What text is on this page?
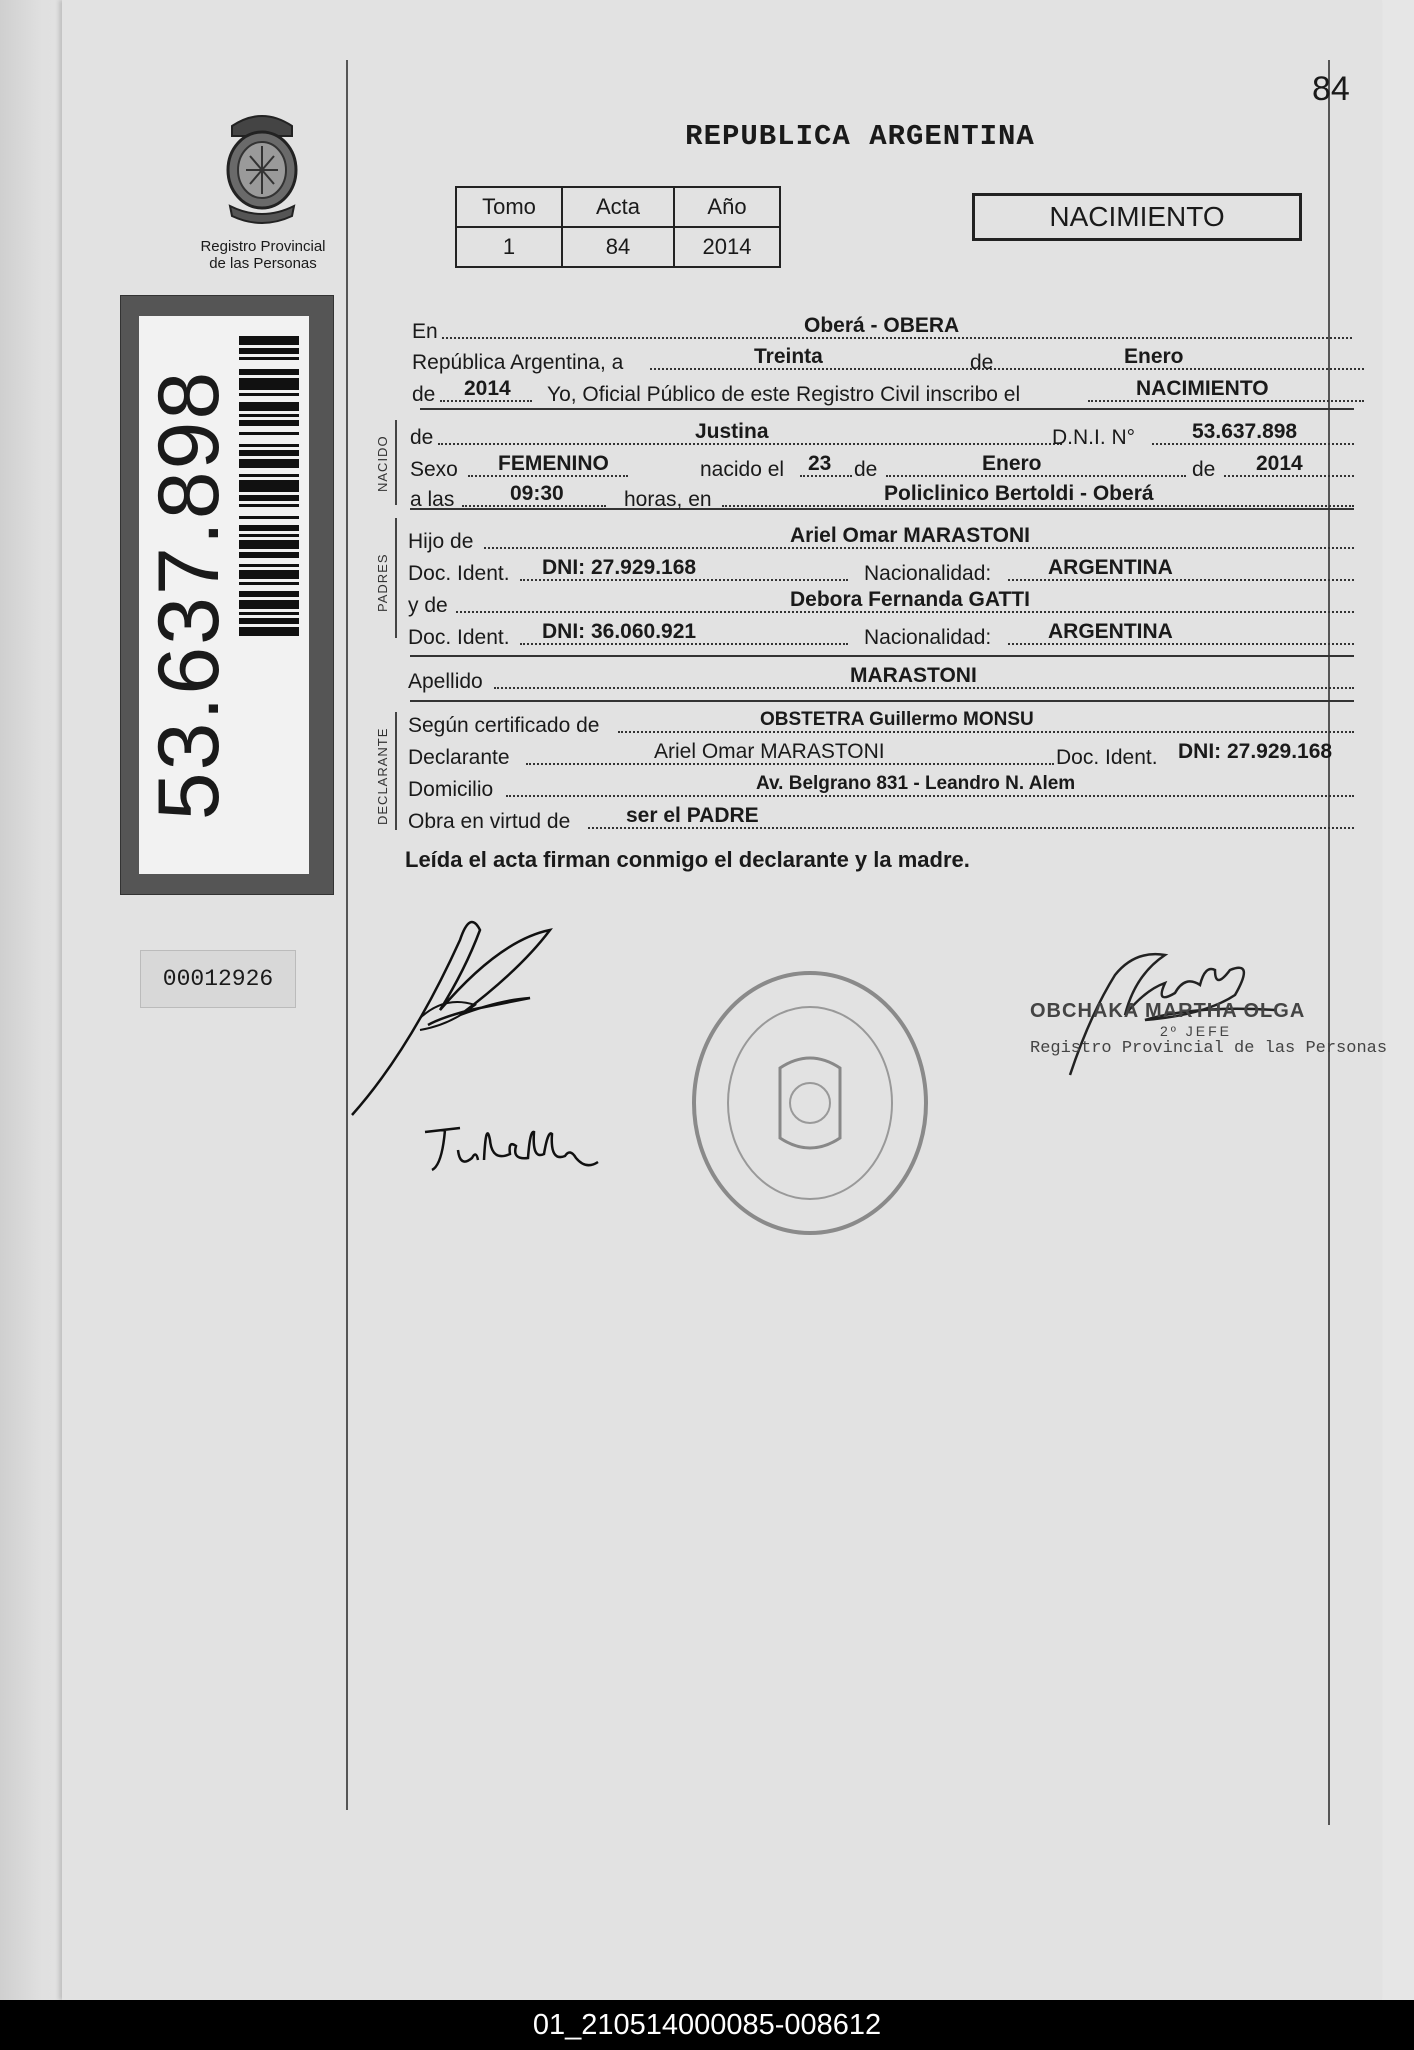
84
REPUBLICA ARGENTINA
Tomo	Acta	Año
1	84	2014
NACIMIENTO
Registro Provincial
de las Personas
53.637.898
00012926
NACIDO
PADRES
DECLARANTE
En	Oberá - OBERA
República Argentina, a	Treinta	de	Enero
de 2014 Yo, Oficial Público de este Registro Civil inscribo el	NACIMIENTO
de	Justina	D.N.I. N°	53.637.898
Sexo FEMENINO	nacido el 23 de	Enero	de 2014
a las	09:30	horas, en	Policlinico Bertoldi - Oberá
Hijo de	Ariel Omar MARASTONI
Doc. Ident. DNI: 27.929.168	Nacionalidad:	ARGENTINA
y de	Debora Fernanda GATTI
Doc. Ident. DNI: 36.060.921	Nacionalidad:	ARGENTINA
Apellido	MARASTONI
Según certificado de	OBSTETRA Guillermo MONSU
Declarante	Ariel Omar MARASTONI	Doc. Ident. DNI: 27.929.168
Domicilio	Av. Belgrano 831 - Leandro N. Alem
Obra en virtud de	ser el PADRE
Leída el acta firman conmigo el declarante y la madre.
OBCHAKA MARTHA OLGA
2º JEFE
Registro Provincial de las Personas
01_210514000085-008612
